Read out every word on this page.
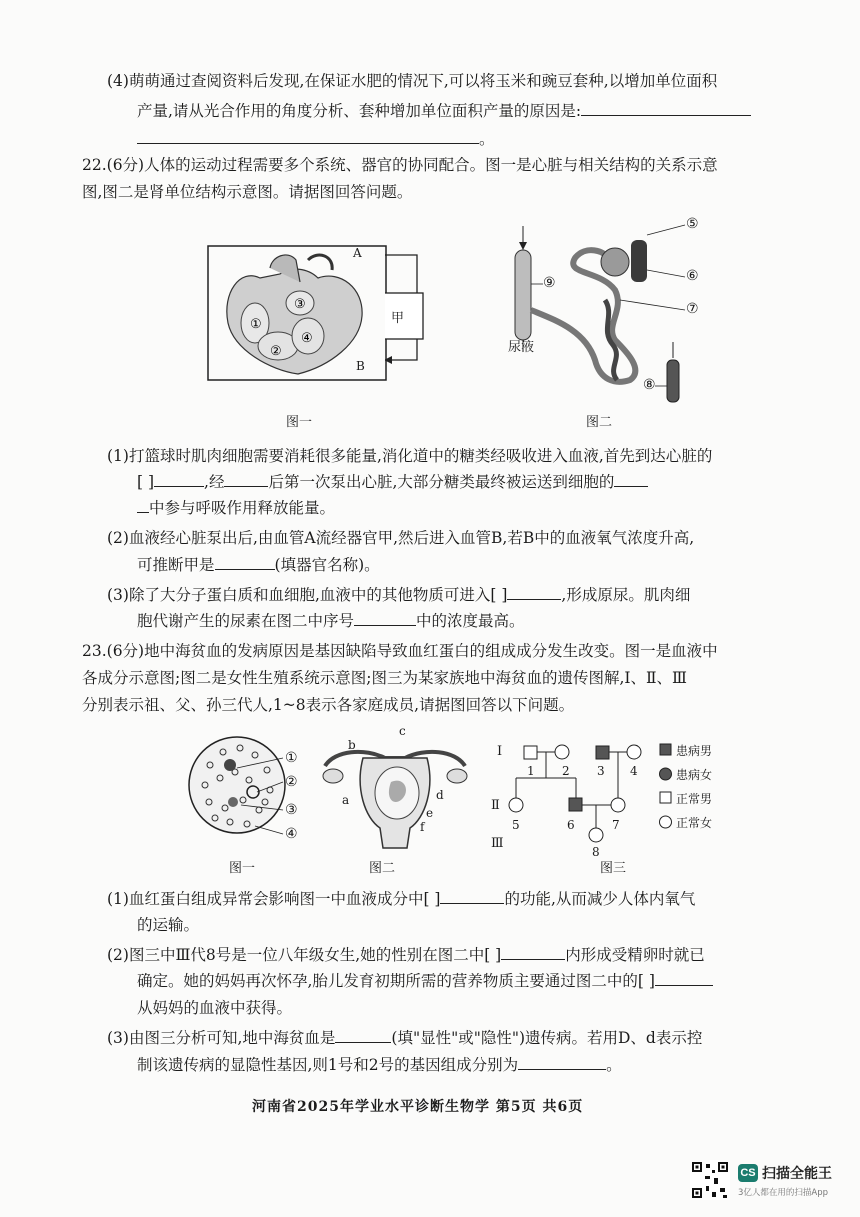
(4)萌萌通过查阅资料后发现,在保证水肥的情况下,可以将玉米和豌豆套种,以增加单位面积
产量,请从光合作用的角度分析、套种增加单位面积产量的原因是:
。
22.(6分)人体的运动过程需要多个系统、器官的协同配合。图一是心脏与相关结构的关系示意
图,图二是肾单位结构示意图。请据图回答问题。
①
②
③
④
A
B
甲
⑤
⑥
⑦
⑧
⑨
尿液
图一	图二
(1)打篮球时肌肉细胞需要消耗很多能量,消化道中的糖类经吸收进入血液,首先到达心脏的
[ ]	,经	后第一次泵出心脏,大部分糖类最终被运送到细胞的
中参与呼吸作用释放能量。
(2)血液经心脏泵出后,由血管A流经器官甲,然后进入血管B,若B中的血液氧气浓度升高,
可推断甲是	(填器官名称)。
(3)除了大分子蛋白质和血细胞,血液中的其他物质可进入[ ]	,形成原尿。肌肉细
胞代谢产生的尿素在图二中序号	中的浓度最高。
23.(6分)地中海贫血的发病原因是基因缺陷导致血红蛋白的组成成分发生改变。图一是血液中
各成分示意图;图二是女性生殖系统示意图;图三为某家族地中海贫血的遗传图解,Ⅰ、Ⅱ、Ⅲ
分别表示祖、父、孙三代人,1~8表示各家庭成员,请据图回答以下问题。
①
②
③
④
a
b
c
d
e
f
Ⅰ
Ⅱ
Ⅲ
1 2 3 4
5	6	7
8
患病男
患病女
正常男
正常女
图一	图二	图三
(1)血红蛋白组成异常会影响图一中血液成分中[ ]	的功能,从而减少人体内氧气
的运输。
(2)图三中Ⅲ代8号是一位八年级女生,她的性别在图二中[ ]	内形成受精卵时就已
确定。她的妈妈再次怀孕,胎儿发育初期所需的营养物质主要通过图二中的[ ]
从妈妈的血液中获得。
(3)由图三分析可知,地中海贫血是	(填"显性"或"隐性")遗传病。若用D、d表示控
制该遗传病的显隐性基因,则1号和2号的基因组成分别为	。
河南省2025年学业水平诊断生物学 第5页 共6页
CS 扫描全能王
3亿人都在用的扫描App
